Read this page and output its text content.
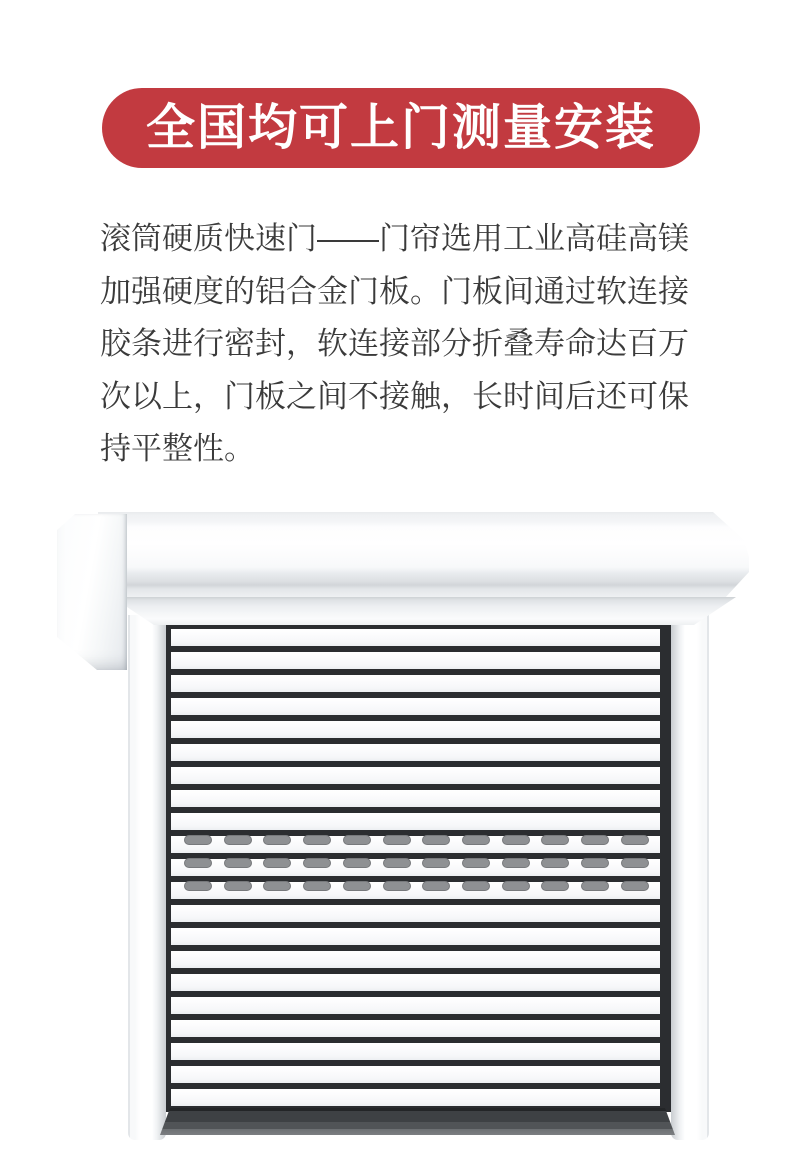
全国均可上门测量安装
滚筒硬质快速门——门帘选用工业高硅高镁
加强硬度的铝合金门板。门板间通过软连接
胶条进行密封，软连接部分折叠寿命达百万
次以上，门板之间不接触，长时间后还可保
持平整性。
